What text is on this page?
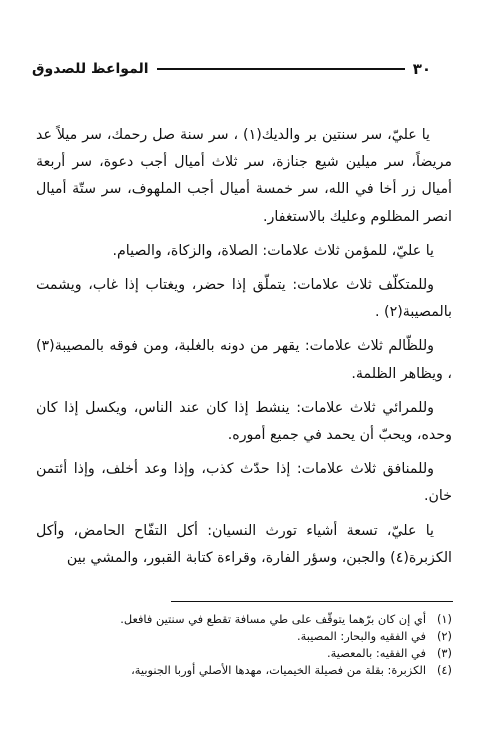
٣٠
المواعظ للصدوق

يا عليّ، سر سنتين بر والديك(١) ، سر سنة صل رحمك، سر ميلاً عد مريضاً، سر ميلين شيع جنازة، سر ثلاث أميال أجب دعوة، سر أربعة أميال زر أخا في الله، سر خمسة أميال أجب الملهوف، سر ستّة أميال انصر المظلوم وعليك بالاستغفار.

يا عليّ، للمؤمن ثلاث علامات: الصلاة، والزكاة، والصيام.

وللمتكلّف ثلاث علامات: يتملّق إذا حضر، ويغتاب إذا غاب، ويشمت بالمصيبة(٢) .

وللظّالم ثلاث علامات: يقهر من دونه بالغلبة، ومن فوقه بالمصيبة(٣) ، ويظاهر الظلمة.

وللمرائي ثلاث علامات: ينشط إذا كان عند الناس، ويكسل إذا كان وحده، ويحبّ أن يحمد في جميع أموره.

وللمنافق ثلاث علامات: إذا حدّث كذب، وإذا وعد أخلف، وإذا أئتمن خان.

يا عليّ، تسعة أشياء تورث النسيان: أكل التفّاح الحامض، وأكل الكزبرة(٤) والجبن، وسؤر الفارة، وقراءة كتابة القبور، والمشي بين

(١)
أي إن كان برّهما يتوقّف على طي مسافة تقطع في سنتين فافعل.
(٢)
في الفقيه والبحار: المصيبة.
(٣)
في الفقيه: بالمعصية.
(٤)
الكزبرة: بقلة من فصيلة الخيميات، مهدها الأصلي أوربا الجنوبية،
